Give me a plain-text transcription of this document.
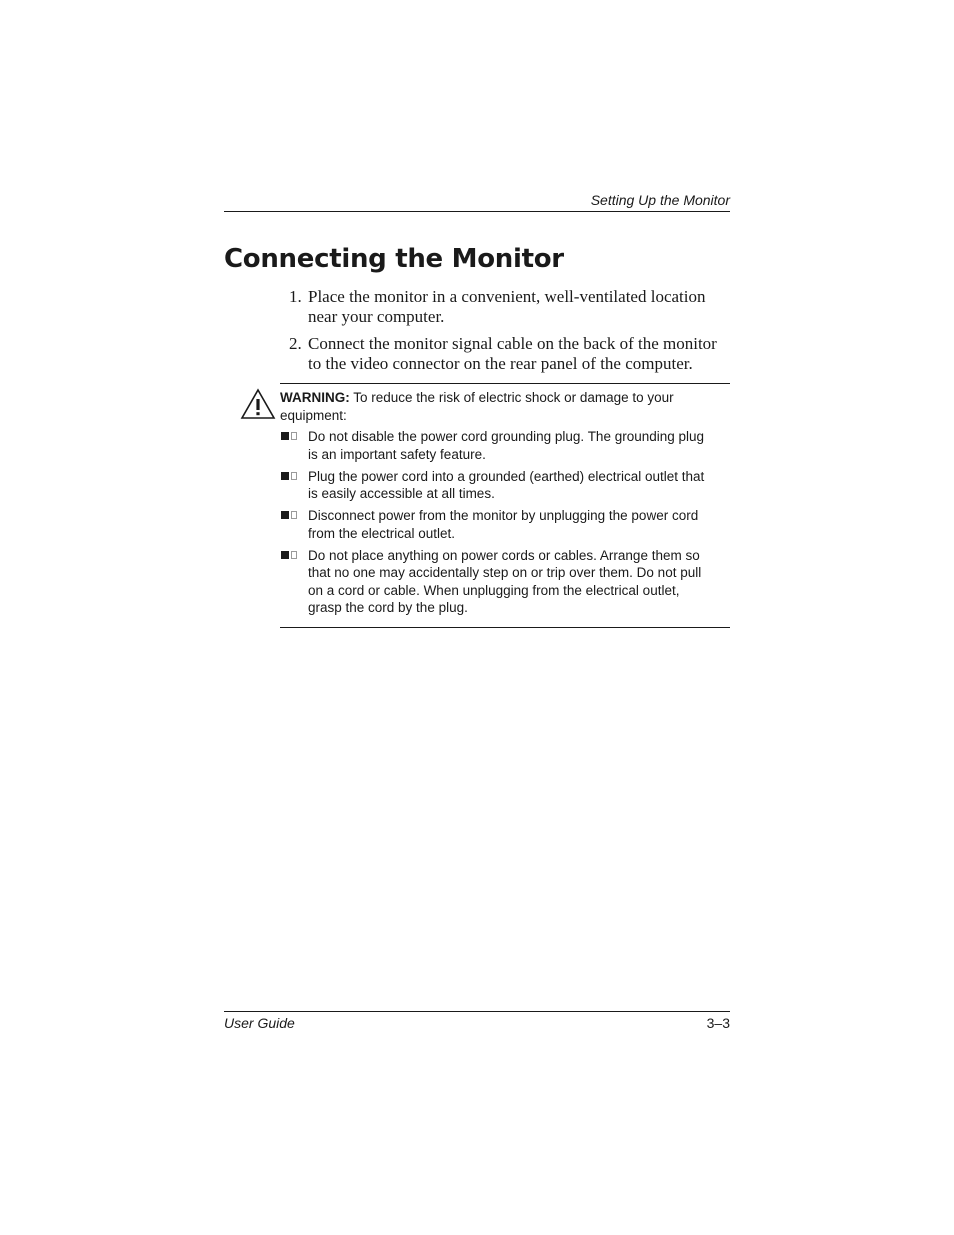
Setting Up the Monitor
Connecting the Monitor
1. Place the monitor in a convenient, well-ventilated location near your computer.
2. Connect the monitor signal cable on the back of the monitor to the video connector on the rear panel of the computer.
WARNING: To reduce the risk of electric shock or damage to your equipment:
Do not disable the power cord grounding plug. The grounding plug is an important safety feature.
Plug the power cord into a grounded (earthed) electrical outlet that is easily accessible at all times.
Disconnect power from the monitor by unplugging the power cord from the electrical outlet.
Do not place anything on power cords or cables. Arrange them so that no one may accidentally step on or trip over them. Do not pull on a cord or cable. When unplugging from the electrical outlet, grasp the cord by the plug.
User Guide	3–3
